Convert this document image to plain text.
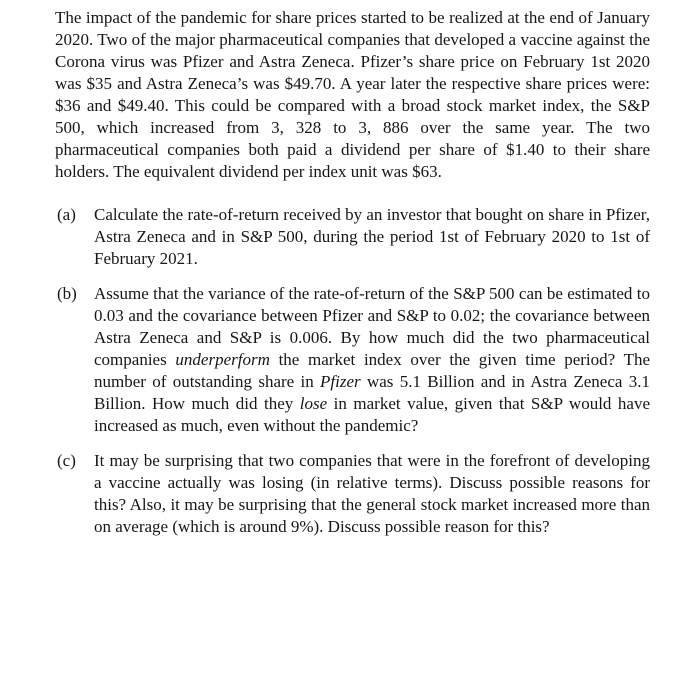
The impact of the pandemic for share prices started to be realized at the end of January 2020. Two of the major pharmaceutical companies that developed a vaccine against the Corona virus was Pfizer and Astra Zeneca. Pfizer’s share price on February 1st 2020 was $35 and Astra Zeneca’s was $49.70. A year later the respective share prices were: $36 and $49.40. This could be compared with a broad stock market index, the S&P 500, which increased from 3, 328 to 3, 886 over the same year. The two pharmaceutical companies both paid a dividend per share of $1.40 to their share holders. The equivalent dividend per index unit was $63.

(a)	Calculate the rate-of-return received by an investor that bought on share in Pfizer, Astra Zeneca and in S&P 500, during the period 1st of February 2020 to 1st of February 2021.

(b)	Assume that the variance of the rate-of-return of the S&P 500 can be estimated to 0.03 and the covariance between Pfizer and S&P to 0.02; the covariance between Astra Zeneca and S&P is 0.006. By how much did the two pharmaceutical companies underperform the market index over the given time period? The number of outstanding share in Pfizer was 5.1 Billion and in Astra Zeneca 3.1 Billion. How much did they lose in market value, given that S&P would have increased as much, even without the pandemic?

(c)	It may be surprising that two companies that were in the forefront of developing a vaccine actually was losing (in relative terms). Discuss possible reasons for this? Also, it may be surprising that the general stock market increased more than on average (which is around 9%). Discuss possible reason for this?
